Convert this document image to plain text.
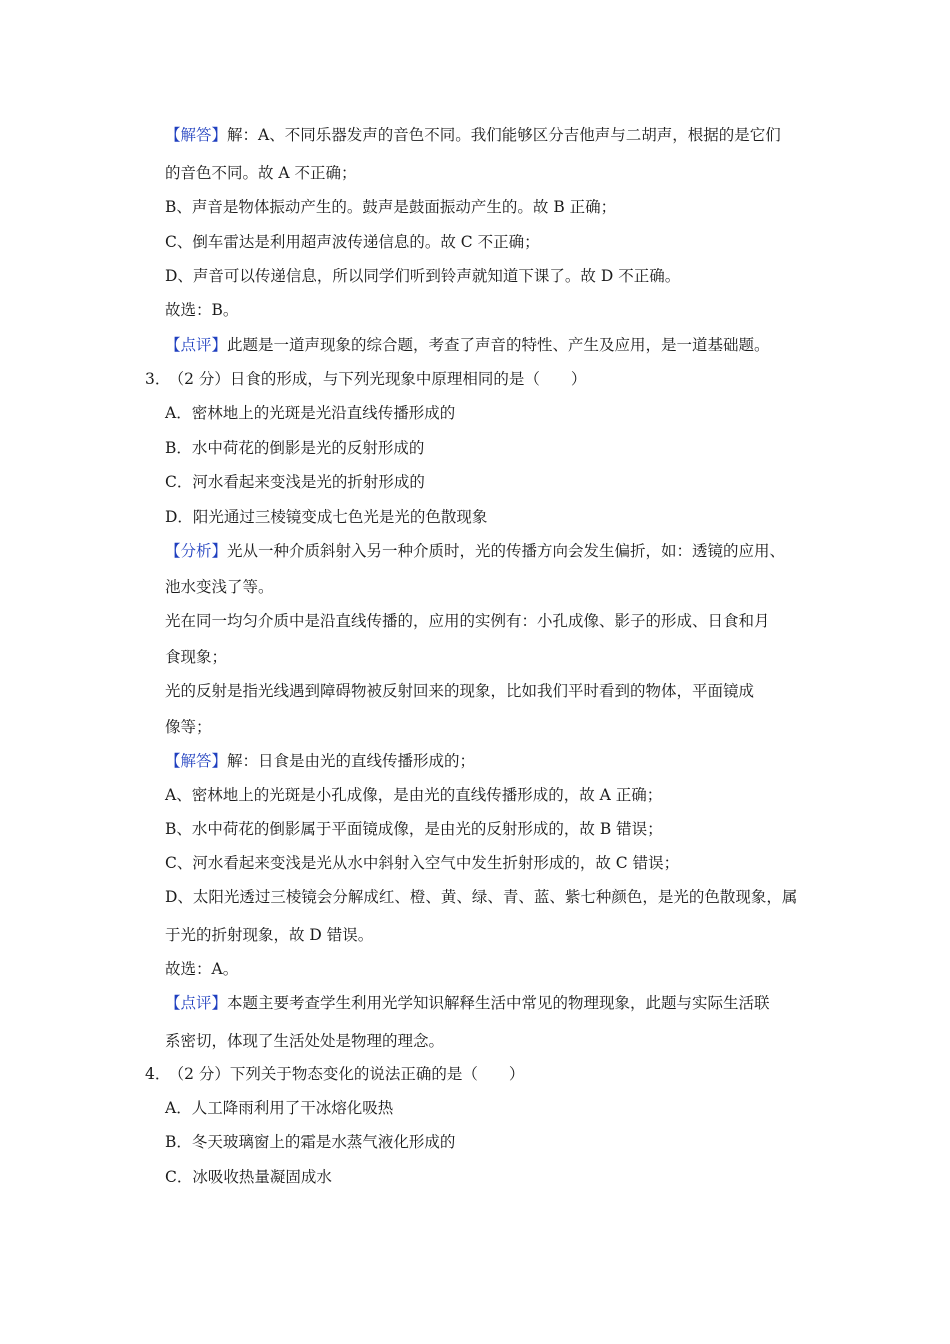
【解答】解：A、不同乐器发声的音色不同。我们能够区分吉他声与二胡声，根据的是它们
的音色不同。故 A 不正确；
B、声音是物体振动产生的。鼓声是鼓面振动产生的。故 B 正确；
C、倒车雷达是利用超声波传递信息的。故 C 不正确；
D、声音可以传递信息，所以同学们听到铃声就知道下课了。故 D 不正确。
故选：B。
【点评】此题是一道声现象的综合题，考查了声音的特性、产生及应用，是一道基础题。
3． （2 分）日食的形成，与下列光现象中原理相同的是（　　）
A．密林地上的光斑是光沿直线传播形成的
B．水中荷花的倒影是光的反射形成的
C．河水看起来变浅是光的折射形成的
D．阳光通过三棱镜变成七色光是光的色散现象
【分析】光从一种介质斜射入另一种介质时，光的传播方向会发生偏折，如：透镜的应用、
池水变浅了等。
光在同一均匀介质中是沿直线传播的，应用的实例有：小孔成像、影子的形成、日食和月
食现象；
光的反射是指光线遇到障碍物被反射回来的现象，比如我们平时看到的物体，平面镜成
像等；
【解答】解：日食是由光的直线传播形成的；
A、密林地上的光斑是小孔成像，是由光的直线传播形成的，故 A 正确；
B、水中荷花的倒影属于平面镜成像，是由光的反射形成的，故 B 错误；
C、河水看起来变浅是光从水中斜射入空气中发生折射形成的，故 C 错误；
D、太阳光透过三棱镜会分解成红、橙、黄、绿、青、蓝、紫七种颜色，是光的色散现象，属
于光的折射现象，故 D 错误。
故选：A。
【点评】本题主要考查学生利用光学知识解释生活中常见的物理现象，此题与实际生活联
系密切，体现了生活处处是物理的理念。
4． （2 分）下列关于物态变化的说法正确的是（　　）
A．人工降雨利用了干冰熔化吸热
B．冬天玻璃窗上的霜是水蒸气液化形成的
C．冰吸收热量凝固成水
